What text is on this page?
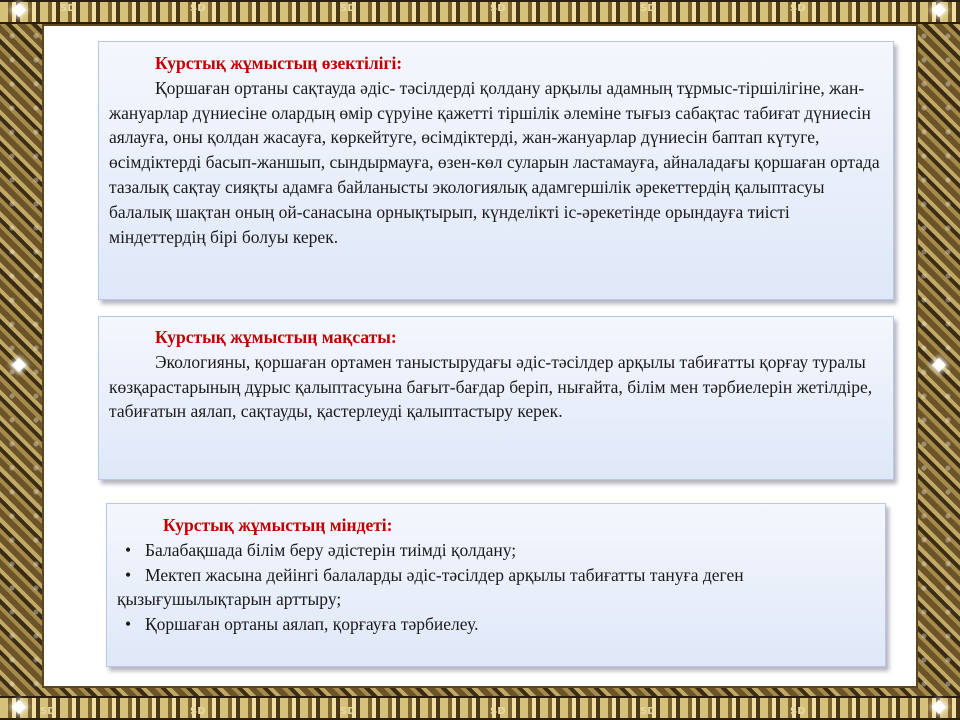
SD	SD	SD	SD	SD	SD
SD	SD	SD	SD	SD	SD

Курстық жұмыстың өзектілігі:

Қоршаған ортаны сақтауда әдіс- тәсілдерді қолдану арқылы адамның тұрмыс-тіршілігіне, жан-жануарлар дүниесіне олардың өмір сүруіне қажетті тіршілік әлеміне тығыз сабақтас табиғат дүниесін аялауға, оны қолдан жасауға, көркейтуге, өсімдіктерді, жан-жануарлар дүниесін баптап күтуге, өсімдіктерді басып-жаншып, сындырмауға, өзен-көл суларын ластамауға, айналадағы қоршаған ортада тазалық сақтау сияқты адамға байланысты экологиялық адамгершілік әрекеттердің қалыптасуы балалық шақтан оның ой-санасына орнықтырып, күнделікті іс-әрекетінде орындауға тиісті міндеттердің бірі болуы керек.

Курстық жұмыстың мақсаты:

Экологияны, қоршаған ортамен таныстырудағы әдіс-тәсілдер арқылы табиғатты қорғау туралы көзқарастарының дұрыс қалыптасуына бағыт-бағдар беріп, нығайта, білім мен тәрбиелерін жетілдіре, табиғатын аялап, сақтауды, қастерлеуді қалыптастыру керек.

Курстық жұмыстың міндеті:

• Балабақшада білім беру әдістерін тиімді қолдану;
• Мектеп жасына дейінгі балаларды әдіс-тәсілдер арқылы табиғатты тануға деген қызығушылықтарын арттыру;
• Қоршаған ортаны аялап, қорғауға тәрбиелеу.
